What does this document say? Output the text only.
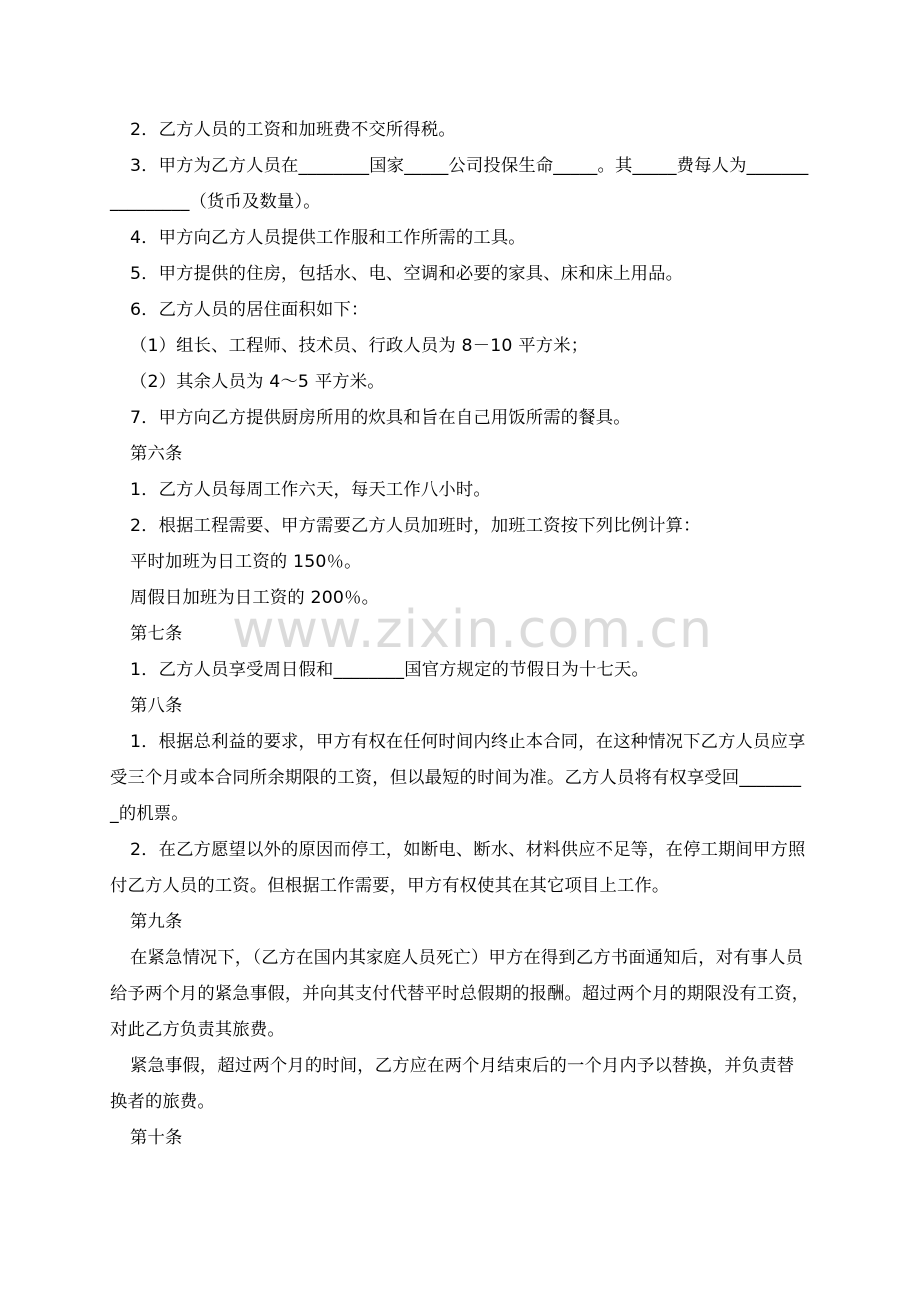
2．乙方人员的工资和加班费不交所得税。

3．甲方为乙方人员在________国家_____公司投保生命_____。其_____费每人为________________（货币及数量）。

4．甲方向乙方人员提供工作服和工作所需的工具。

5．甲方提供的住房，包括水、电、空调和必要的家具、床和床上用品。

6．乙方人员的居住面积如下：

（1）组长、工程师、技术员、行政人员为 8－10 平方米；

（2）其余人员为 4～5 平方米。

7．甲方向乙方提供厨房所用的炊具和旨在自己用饭所需的餐具。

第六条

1．乙方人员每周工作六天，每天工作八小时。

2．根据工程需要、甲方需要乙方人员加班时，加班工资按下列比例计算：

平时加班为日工资的 150％。

周假日加班为日工资的 200％。

第七条

1．乙方人员享受周日假和________国官方规定的节假日为十七天。

第八条

1．根据总利益的要求，甲方有权在任何时间内终止本合同，在这种情况下乙方人员应享受三个月或本合同所余期限的工资，但以最短的时间为准。乙方人员将有权享受回________的机票。

2．在乙方愿望以外的原因而停工，如断电、断水、材料供应不足等，在停工期间甲方照付乙方人员的工资。但根据工作需要，甲方有权使其在其它项目上工作。

第九条

在紧急情况下，（乙方在国内其家庭人员死亡）甲方在得到乙方书面通知后，对有事人员给予两个月的紧急事假，并向其支付代替平时总假期的报酬。超过两个月的期限没有工资，对此乙方负责其旅费。

紧急事假，超过两个月的时间，乙方应在两个月结束后的一个月内予以替换，并负责替换者的旅费。

第十条

www.zixin.com.cn
